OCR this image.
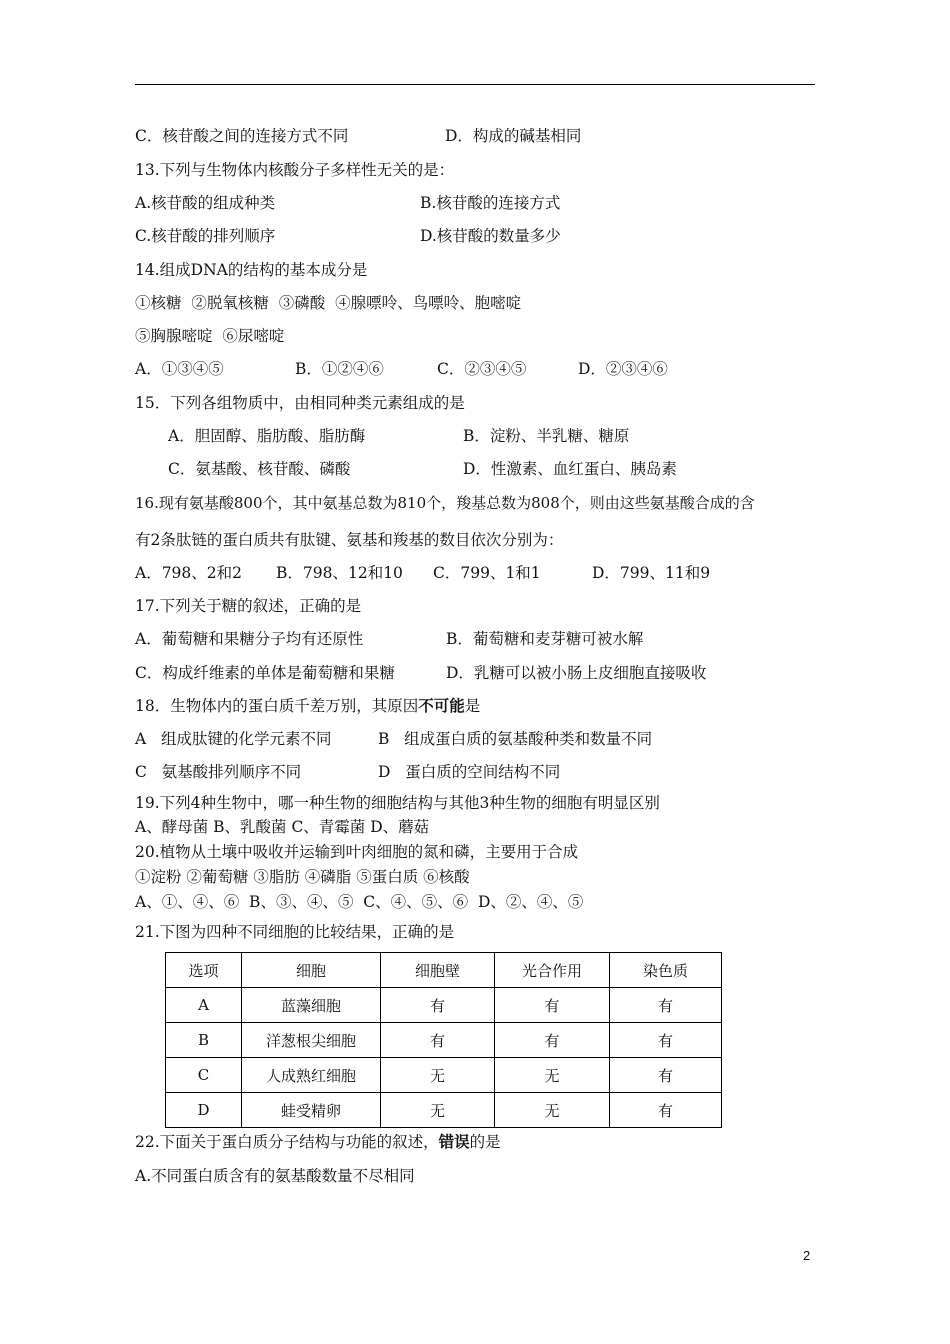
C．核苷酸之间的连接方式不同	D．构成的碱基相同
13.下列与生物体内核酸分子多样性无关的是：
A.核苷酸的组成种类	B.核苷酸的连接方式
C.核苷酸的排列顺序	D.核苷酸的数量多少
14.组成DNA的结构的基本成分是
①核糖  ②脱氧核糖  ③磷酸  ④腺嘌呤、鸟嘌呤、胞嘧啶
⑤胸腺嘧啶  ⑥尿嘧啶
A．①③④⑤	B．①②④⑥	C．②③④⑤	D．②③④⑥
15．下列各组物质中，由相同种类元素组成的是
A．胆固醇、脂肪酸、脂肪酶	B．淀粉、半乳糖、糖原
C．氨基酸、核苷酸、磷酸	D．性激素、血红蛋白、胰岛素
16.现有氨基酸800个，其中氨基总数为810个，羧基总数为808个，则由这些氨基酸合成的含
有2条肽链的蛋白质共有肽键、氨基和羧基的数目依次分别为：
A．798、2和2 B．798、12和10 C．799、1和1	D．799、11和9
17.下列关于糖的叙述，正确的是
A．葡萄糖和果糖分子均有还原性	B．葡萄糖和麦芽糖可被水解
C．构成纤维素的单体是葡萄糖和果糖	D．乳糖可以被小肠上皮细胞直接吸收
18．生物体内的蛋白质千差万别，其原因不可能是
A   组成肽键的化学元素不同	B   组成蛋白质的氨基酸种类和数量不同
C   氨基酸排列顺序不同	D   蛋白质的空间结构不同
19.下列4种生物中，哪一种生物的细胞结构与其他3种生物的细胞有明显区别
A、酵母菌 B、乳酸菌 C、青霉菌 D、蘑菇
20.植物从土壤中吸收并运输到叶肉细胞的氮和磷，主要用于合成
①淀粉 ②葡萄糖 ③脂肪 ④磷脂 ⑤蛋白质 ⑥核酸
A、①、④、⑥  B、③、④、⑤  C、④、⑤、⑥  D、②、④、⑤
21.下图为四种不同细胞的比较结果，正确的是
选项	细胞	细胞壁	光合作用	染色质
A	蓝藻细胞	有	有	有
B	洋葱根尖细胞	有	有	有
C	人成熟红细胞	无	无	有
D	蛙受精卵	无	无	有
22.下面关于蛋白质分子结构与功能的叙述，错误的是
A.不同蛋白质含有的氨基酸数量不尽相同
2
